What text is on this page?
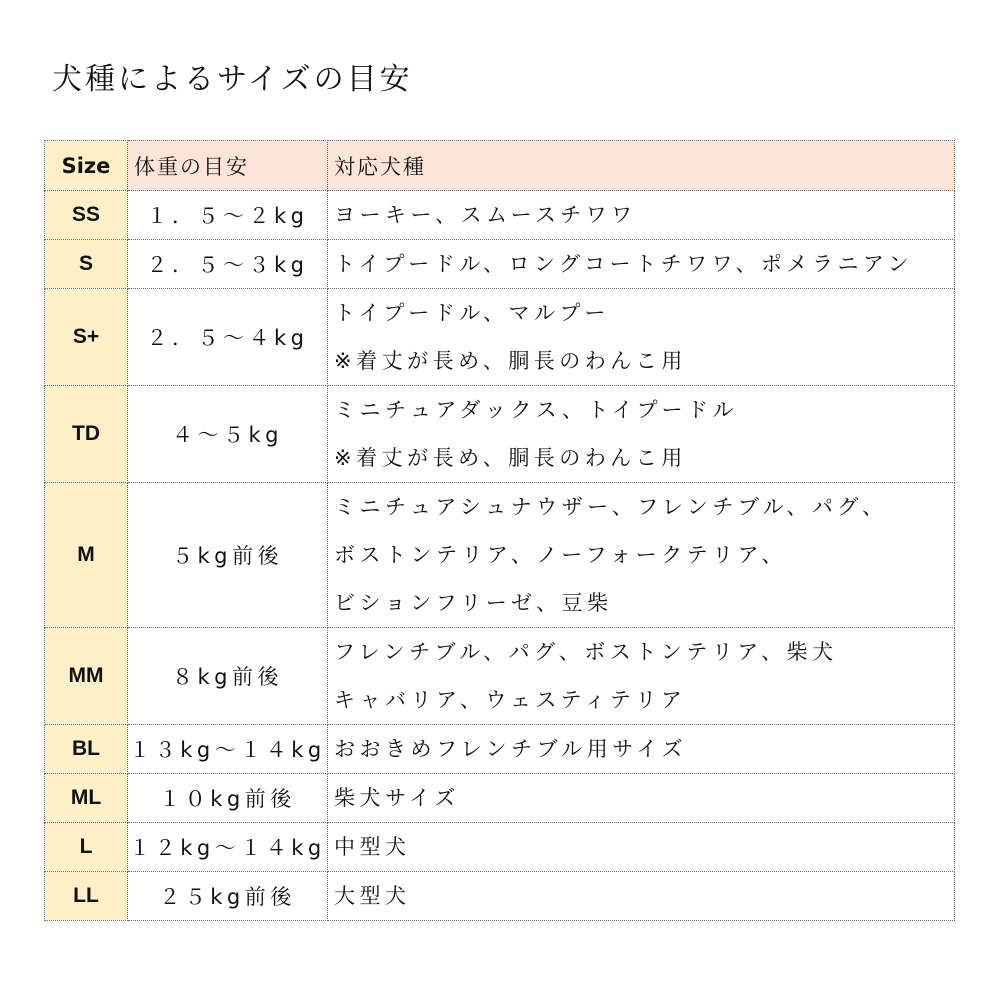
犬種によるサイズの目安
Size	体重の目安	対応犬種
SS	１．５～２kg	ヨーキー、スムースチワワ

S	２．５～３kg	トイプードル、ロングコートチワワ、ポメラニアン

S+	２．５～４kg	トイプードル、マルプー
※着丈が長め、胴長のわんこ用

TD	４～５kg	ミニチュアダックス、トイプードル
※着丈が長め、胴長のわんこ用

M	５kg前後	ミニチュアシュナウザー、フレンチブル、パグ、
ボストンテリア、ノーフォークテリア、
ビションフリーゼ、豆柴

MM	８kg前後	フレンチブル、パグ、ボストンテリア、柴犬
キャバリア、ウェスティテリア

BL	１３kg～１４kg	おおきめフレンチブル用サイズ

ML	１０kg前後	柴犬サイズ

L	１２kg～１４kg	中型犬

LL	２５kg前後	大型犬
